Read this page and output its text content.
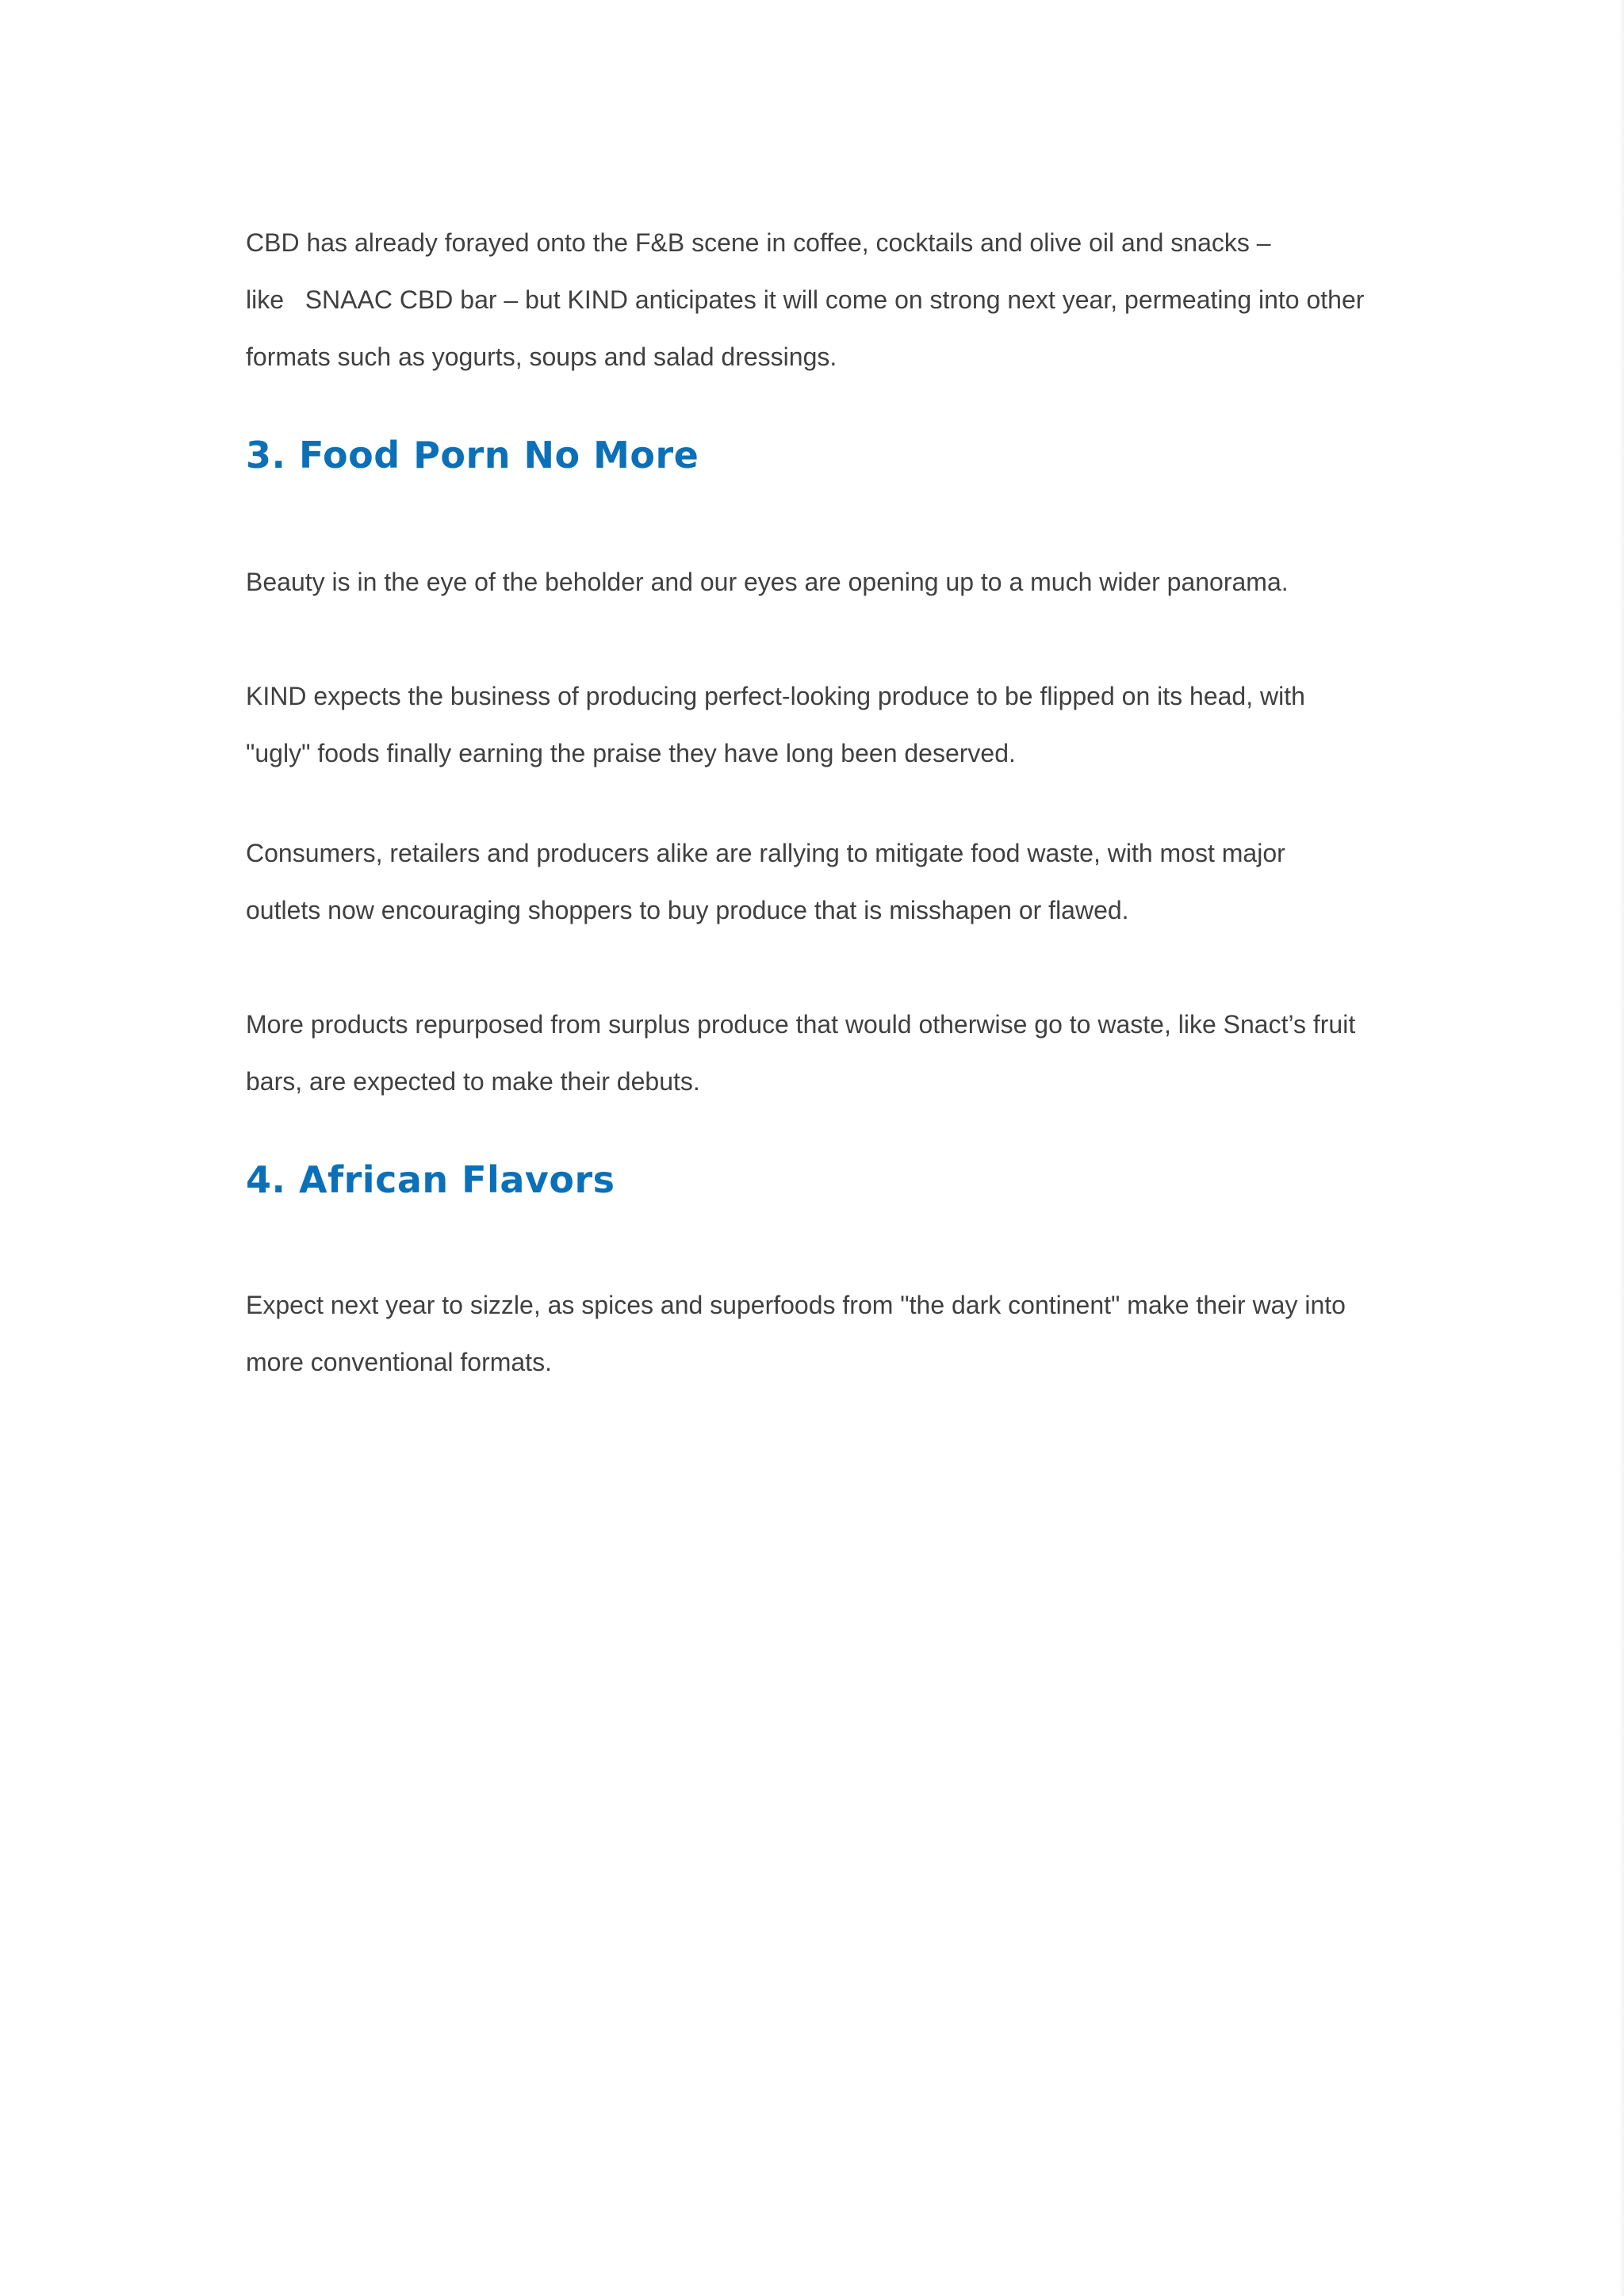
CBD has already forayed onto the F&B scene in coffee, cocktails and olive oil and snacks –
like   SNAAC CBD bar – but KIND anticipates it will come on strong next year, permeating into other
formats such as yogurts, soups and salad dressings.

3. Food Porn No More

Beauty is in the eye of the beholder and our eyes are opening up to a much wider panorama.

KIND expects the business of producing perfect-looking produce to be flipped on its head, with
"ugly" foods finally earning the praise they have long been deserved.

Consumers, retailers and producers alike are rallying to mitigate food waste, with most major
outlets now encouraging shoppers to buy produce that is misshapen or flawed.

More products repurposed from surplus produce that would otherwise go to waste, like Snact’s fruit
bars, are expected to make their debuts.

4. African Flavors

Expect next year to sizzle, as spices and superfoods from "the dark continent" make their way into
more conventional formats.
